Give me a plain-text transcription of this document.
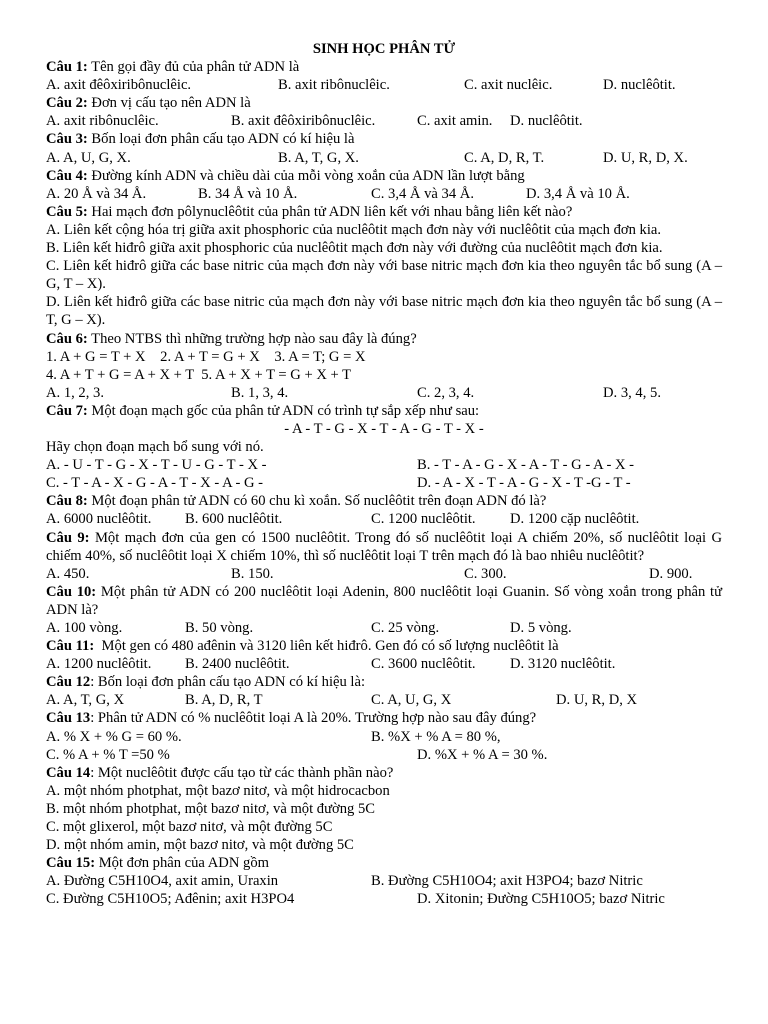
SINH HỌC PHÂN TỬ
Câu 1: Tên gọi đầy đủ của phân tử ADN là
A. axit đêôxiribônuclêic.	B. axit ribônuclêic.	C. axit nuclêic.	D. nuclêôtit.
Câu 2: Đơn vị cấu tạo nên ADN là
A. axit ribônuclêic.	B. axit đêôxiribônuclêic.	C. axit amin. D. nuclêôtit.
Câu 3: Bốn loại đơn phân cấu tạo ADN có kí hiệu là
A. A, U, G, X.	B. A, T, G, X.	C. A, D, R, T.	D. U, R, D, X.
Câu 4: Đường kính ADN và chiều dài của mỗi vòng xoắn của ADN lần lượt bằng
A. 20 Å và 34 Å.	B. 34 Å và 10 Å.	C. 3,4 Å và 34 Å.	D. 3,4 Å và 10 Å.
Câu 5: Hai mạch đơn pôlynuclêôtit của phân tử ADN liên kết với nhau bằng liên kết nào?
A. Liên kết cộng hóa trị giữa axit phosphoric của nuclêôtit mạch đơn này với nuclêôtit của mạch đơn kia.
B. Liên kết hiđrô giữa axit phosphoric của nuclêôtit mạch đơn này với đường của nuclêôtit mạch đơn kia.
C. Liên kết hiđrô giữa các base nitric của mạch đơn này với base nitric mạch đơn kia theo nguyên tắc bổ sung (A – G, T – X).
D. Liên kết hiđrô giữa các base nitric của mạch đơn này với base nitric mạch đơn kia theo nguyên tắc bổ sung (A – T, G – X).
Câu 6: Theo NTBS thì những trường hợp nào sau đây là đúng?
1. A + G = T + X    2. A + T = G + X    3. A = T; G = X
4. A + T + G = A + X + T  5. A + X + T = G + X + T
A. 1, 2, 3.	B. 1, 3, 4.	C. 2, 3, 4.	D. 3, 4, 5.
Câu 7: Một đoạn mạch gốc của phân tử ADN có trình tự sắp xếp như sau:
- A - T - G - X - T - A - G - T - X -
Hãy chọn đoạn mạch bổ sung với nó.
A. - U - T - G - X - T - U - G - T - X -	B. - T - A - G - X - A - T - G - A - X -
C. - T - A - X - G - A - T - X - A - G -	D. - A - X - T - A - G - X - T -G - T -
Câu 8: Một đoạn phân tử ADN có 60 chu kì xoắn. Số nuclêôtit trên đoạn ADN đó là?
A. 6000 nuclêôtit. B. 600 nuclêôtit.	C. 1200 nuclêôtit. D. 1200 cặp nuclêôtit.
Câu 9: Một mạch đơn của gen có 1500 nuclêôtit. Trong đó số nuclêôtit loại A chiếm 20%, số nuclêôtit loại G chiếm 40%, số nuclêôtit loại X chiếm 10%, thì số nuclêôtit loại T trên mạch đó là bao nhiêu nuclêôtit?
A. 450.	B. 150.	C. 300.	D. 900.
Câu 10: Một phân tử ADN có 200 nuclêôtit loại Adenin, 800 nuclêôtit loại Guanin. Số vòng xoắn trong phân tử ADN là?
A. 100 vòng.	B. 50 vòng.	C. 25 vòng.	D. 5 vòng.
Câu 11:  Một gen có 480 ađênin và 3120 liên kết hiđrô. Gen đó có số lượng nuclêôtit là
A. 1200 nuclêôtit. B. 2400 nuclêôtit.	C. 3600 nuclêôtit. D. 3120 nuclêôtit.
Câu 12: Bốn loại đơn phân cấu tạo ADN có kí hiệu là:
A. A, T, G, X	B. A, D, R, T	C. A, U, G, X	D. U, R, D, X
Câu 13: Phân tử ADN có % nuclêôtit loại A là 20%. Trường hợp nào sau đây đúng?
A. % X + % G = 60 %.	B. %X + % A = 80 %,
C. % A + % T =50 %	D. %X + % A = 30 %.
Câu 14: Một nuclêôtit được cấu tạo từ các thành phần nào?
A. một nhóm photphat, một bazơ nitơ, và một hidrocacbon
B. một nhóm photphat, một bazơ nitơ, và một đường 5C
C. một glixerol, một bazơ nitơ, và một đường 5C
D. một nhóm amin, một bazơ nitơ, và một đường 5C
Câu 15: Một đơn phân của ADN gồm
A. Đường C5H10O4, axit amin, Uraxin	B. Đường C5H10O4; axit H3PO4; bazơ Nitric
C. Đường C5H10O5; Ađênin; axit H3PO4	D. Xitonin; Đường C5H10O5; bazơ Nitric
